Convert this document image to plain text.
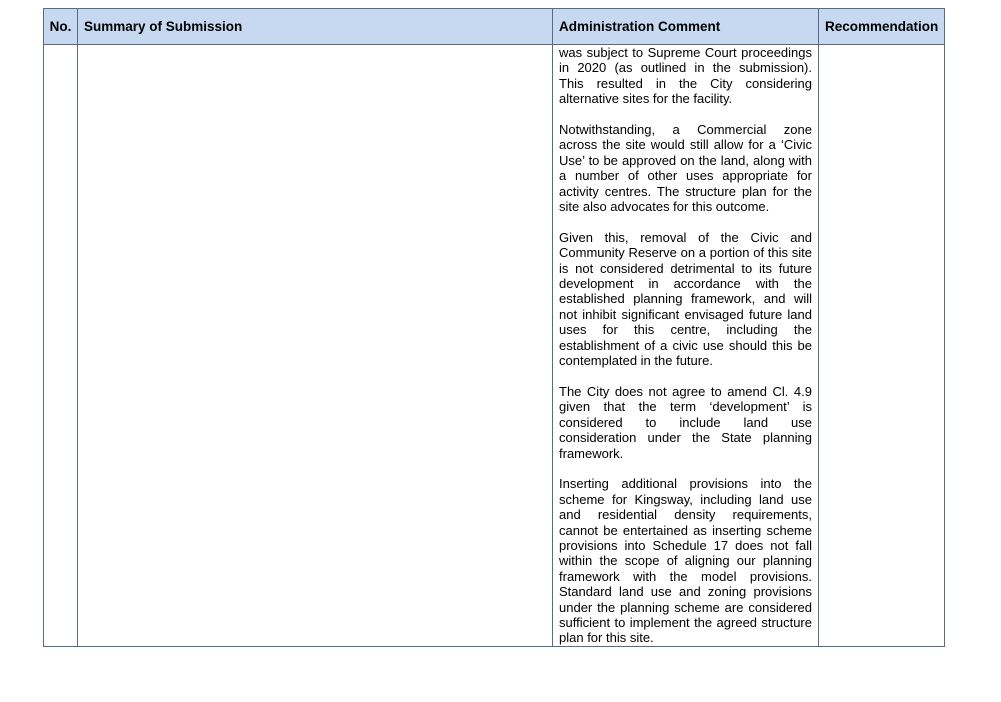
No.	Summary of Submission	Administration Comment	Recommendation

		was subject to Supreme Court proceedings in 2020 (as outlined in the submission). This resulted in the City considering alternative sites for the facility.

Notwithstanding, a Commercial zone across the site would still allow for a ‘Civic Use’ to be approved on the land, along with a number of other uses appropriate for activity centres. The structure plan for the site also advocates for this outcome.

Given this, removal of the Civic and Community Reserve on a portion of this site is not considered detrimental to its future development in accordance with the established planning framework, and will not inhibit significant envisaged future land uses for this centre, including the establishment of a civic use should this be contemplated in the future.

The City does not agree to amend Cl. 4.9 given that the term ‘development’ is considered to include land use consideration under the State planning framework.

Inserting additional provisions into the scheme for Kingsway, including land use and residential density requirements, cannot be entertained as inserting scheme provisions into Schedule 17 does not fall within the scope of aligning our planning framework with the model provisions. Standard land use and zoning provisions under the planning scheme are considered sufficient to implement the agreed structure plan for this site.	
